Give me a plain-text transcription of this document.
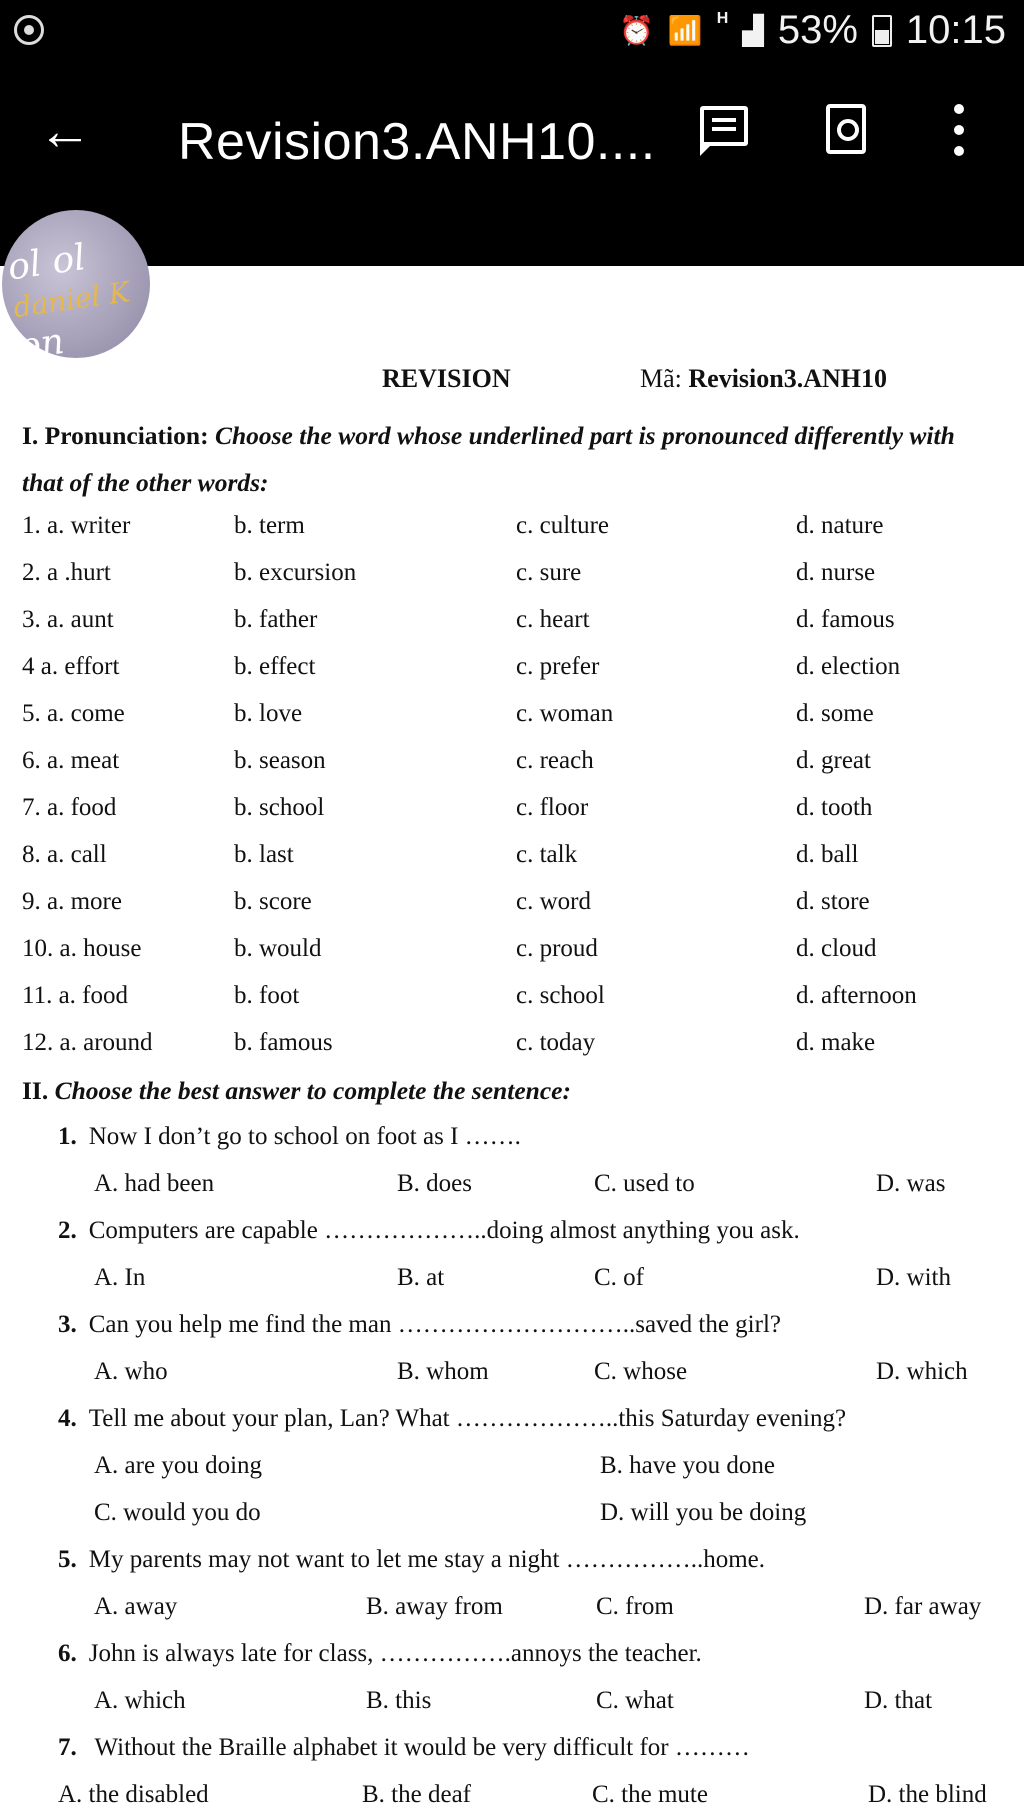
⏰ 📶 H ▟ 53% 10:15
← Revision3.ANH10....
ol ol
daniel K
on
me	REVISION	Mã: Revision3.ANH10
I. Pronunciation: Choose the word whose underlined part is pronounced differently with
that of the other words:
1. a. writer	b. term	c. culture	d. nature
2. a .hurt	b. excursion	c. sure	d. nurse
3. a. aunt	b. father	c. heart	d. famous
4 a. effort	b. effect	c. prefer	d. election
5. a. come	b. love	c. woman	d. some
6. a. meat	b. season	c. reach	d. great
7. a. food	b. school	c. floor	d. tooth
8. a. call	b. last	c. talk	d. ball
9. a. more	b. score	c. word	d. store
10. a. house	b. would	c. proud	d. cloud
11. a. food	b. foot	c. school	d. afternoon
12. a. around	b. famous	c. today	d. make
II. Choose the best answer to complete the sentence:
1. Now I don’t go to school on foot as I …….
A. had been	B. does	C. used to	D. was
2. Computers are capable ………………..doing almost anything you ask.
A. In	B. at	C. of	D. with
3. Can you help me find the man ………………………..saved the girl?
A. who	B. whom	C. whose	D. which
4. Tell me about your plan, Lan? What ………………..this Saturday evening?
A. are you doing	B. have you done
C. would you do	D. will you be doing
5. My parents may not want to let me stay a night ……………..home.
A. away	B. away from	C. from	D. far away
6. John is always late for class, …………….annoys the teacher.
A. which	B. this	C. what	D. that
7. Without the Braille alphabet it would be very difficult for ………
A. the disabled	B. the deaf	C. the mute	D. the blind
